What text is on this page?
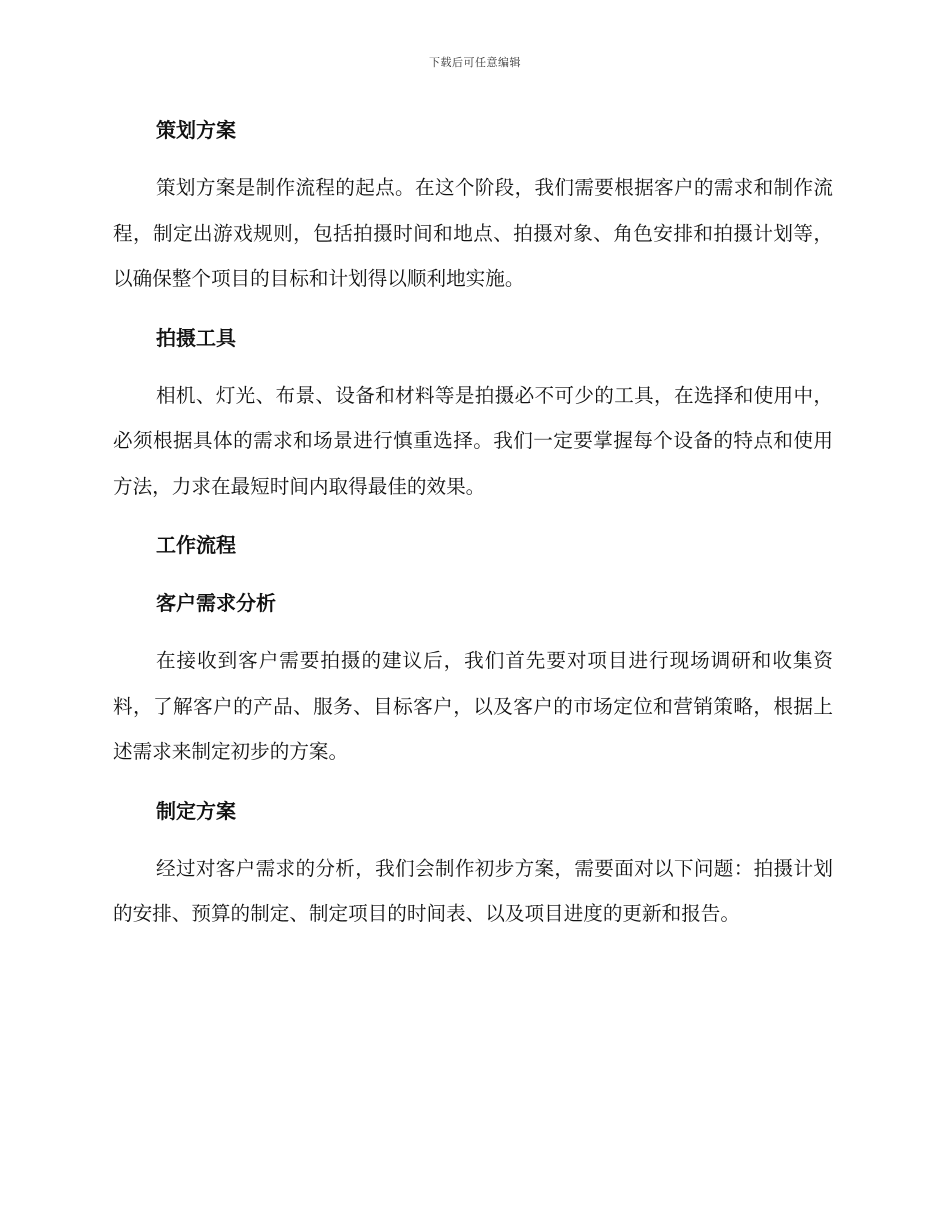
下载后可任意编辑
策划方案

策划方案是制作流程的起点。在这个阶段，我们需要根据客户的需求和制作流程，制定出游戏规则，包括拍摄时间和地点、拍摄对象、角色安排和拍摄计划等，以确保整个项目的目标和计划得以顺利地实施。

拍摄工具

相机、灯光、布景、设备和材料等是拍摄必不可少的工具，在选择和使用中，必须根据具体的需求和场景进行慎重选择。我们一定要掌握每个设备的特点和使用方法，力求在最短时间内取得最佳的效果。

工作流程
客户需求分析

在接收到客户需要拍摄的建议后，我们首先要对项目进行现场调研和收集资料，了解客户的产品、服务、目标客户，以及客户的市场定位和营销策略，根据上述需求来制定初步的方案。

制定方案

经过对客户需求的分析，我们会制作初步方案，需要面对以下问题：拍摄计划的安排、预算的制定、制定项目的时间表、以及项目进度的更新和报告。
